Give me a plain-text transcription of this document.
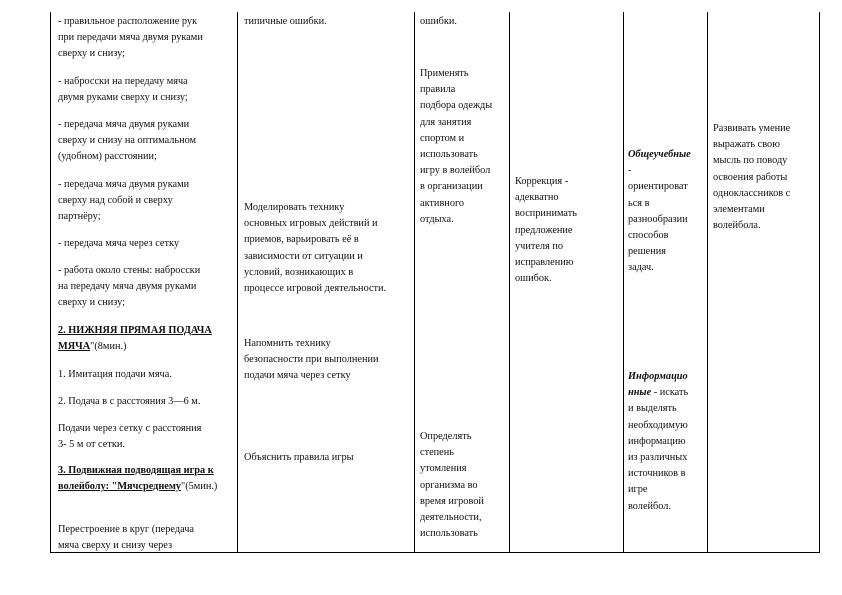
- правильное расположение рук
при передачи мяча двумя руками
сверху и снизу;

- набросски на передачу мяча
двумя руками сверху и снизу;

- передача мяча двумя руками
сверху и снизу на оптимальном
(удобном) расстоянии;

- передача мяча двумя руками
сверху над собой и сверху
партнёру;

- передача мяча через сетку

- работа около стены: набросски
на передачу мяча двумя руками
сверху и снизу;

2. НИЖНЯЯ ПРЯМАЯ ПОДАЧА
МЯЧА"(8мин.)

1. Имитация подачи мяча.

2. Подача в с расстояния 3—6 м.

Подачи через сетку с расстояния
3- 5 м от сетки.

3. Подвижная подводящая игра к
волейболу: "Мячсреднему"(5мин.)

Перестроение в круг (передача
мяча сверху и снизу через

типичные ошибки.

Моделировать технику
основных игровых действий и
приемов, варьировать её в
зависимости от ситуации и
условий, возникающих в
процессе игровой деятельности.

Напомнить технику
безопасности при выполнении
подачи мяча через сетку

Объяснить правила игры

ошибки.

Применять
правила
подбора одежды
для занятия
спортом и
использовать
игру в волейбол
в организации
активного
отдыха.

Определять
степень
утомления
организма во
время игровой
деятельности,
использовать

Коррекция -
адекватно
воспринимать
предложение
учителя по
исправлению
ошибок.

Общеучебные
-
ориентироват
ься в
разнообразии
способов
решения
задач.

Информацио
нные - искать
и выделять
необходимую
информацию
из различных
источников в
игре
волейбол.

Развивать умение
выражать свою
мысль по поводу
освоения работы
одноклассников с
элементами
волейбола.
